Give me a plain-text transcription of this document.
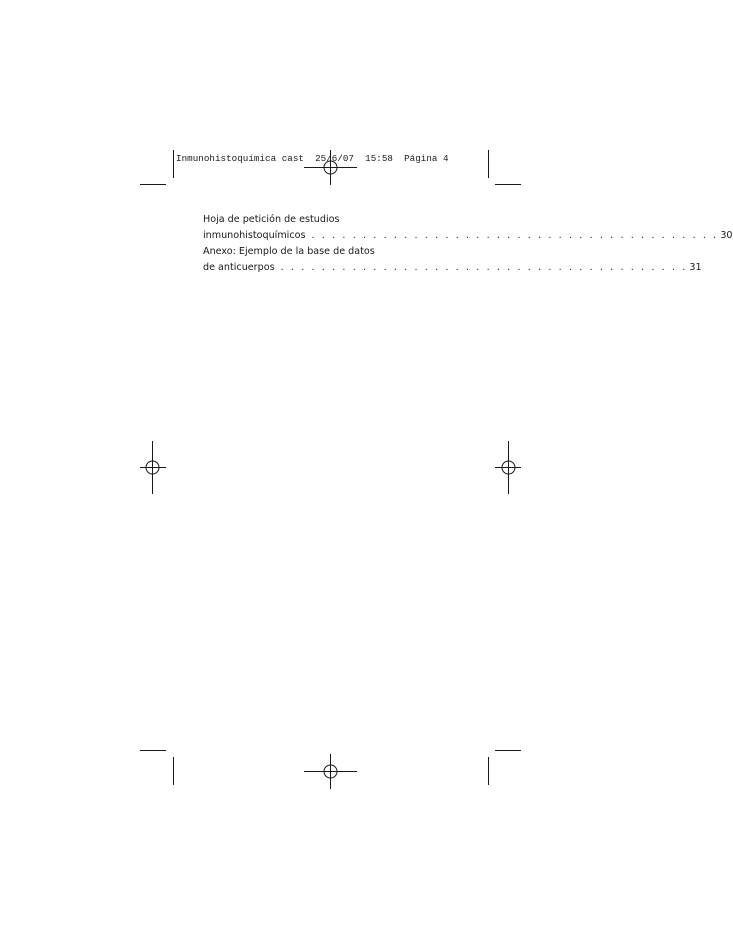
Inmunohistoquímica cast  25/6/07  15:58  Página 4
Hoja de petición de estudios
inmunohistoquímicos . . . . . . . . . . . . . . . . . . . . . . . . . . . . . . . . . . . . . . . . 30
Anexo: Ejemplo de la base de datos
de anticuerpos . . . . . . . . . . . . . . . . . . . . . . . . . . . . . . . . . . . . . . . . 31
